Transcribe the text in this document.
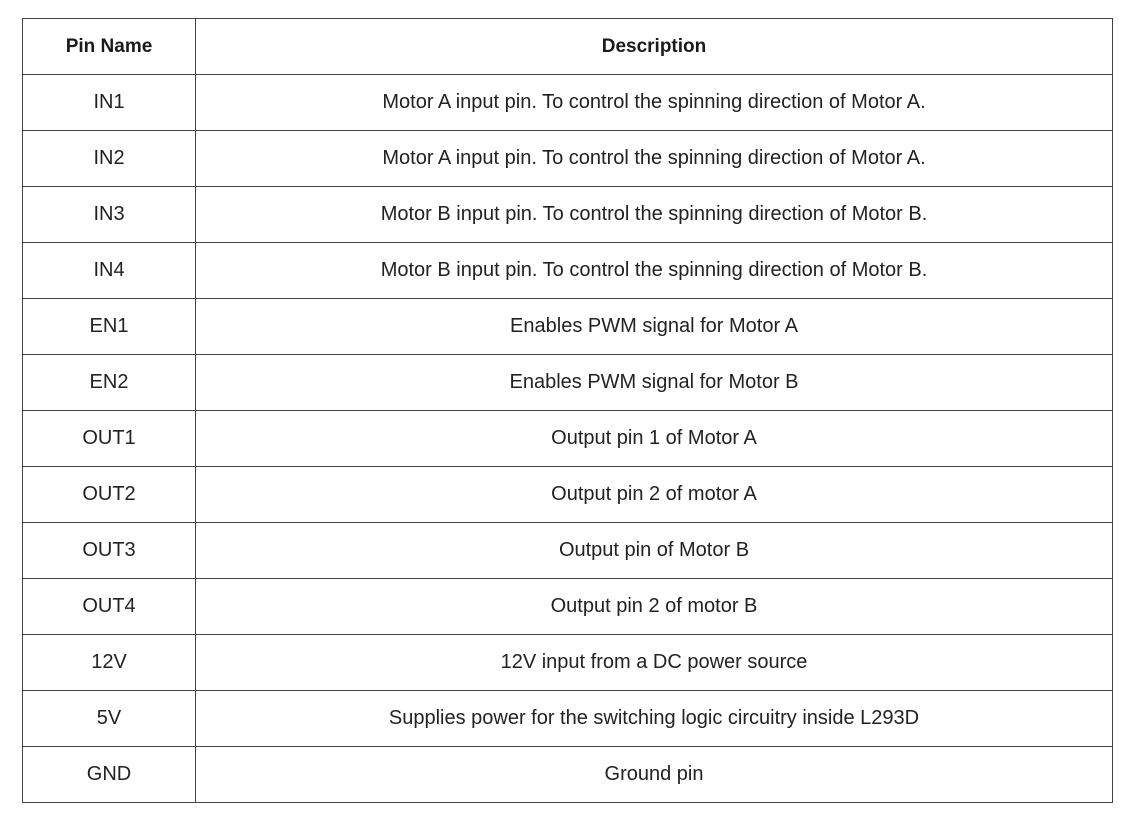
Pin Name	Description
IN1	Motor A input pin. To control the spinning direction of Motor A.
IN2	Motor A input pin. To control the spinning direction of Motor A.
IN3	Motor B input pin. To control the spinning direction of Motor B.
IN4	Motor B input pin. To control the spinning direction of Motor B.
EN1	Enables PWM signal for Motor A
EN2	Enables PWM signal for Motor B
OUT1	Output pin 1 of Motor A
OUT2	Output pin 2 of motor A
OUT3	Output pin of Motor B
OUT4	Output pin 2 of motor B
12V	12V input from a DC power source
5V	Supplies power for the switching logic circuitry inside L293D
GND	Ground pin
